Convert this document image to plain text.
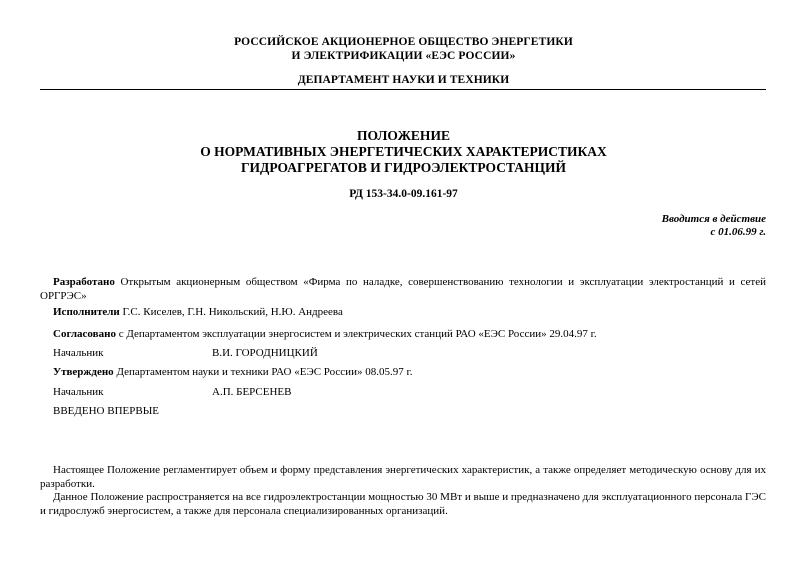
РОССИЙСКОЕ АКЦИОНЕРНОЕ ОБЩЕСТВО ЭНЕРГЕТИКИ
И ЭЛЕКТРИФИКАЦИИ «ЕЭС РОССИИ»
ДЕПАРТАМЕНТ НАУКИ И ТЕХНИКИ
ПОЛОЖЕНИЕ
О НОРМАТИВНЫХ ЭНЕРГЕТИЧЕСКИХ ХАРАКТЕРИСТИКАХ
ГИДРОАГРЕГАТОВ И ГИДРОЭЛЕКТРОСТАНЦИЙ
РД 153-34.0-09.161-97
Вводится в действие
с 01.06.99 г.
Разработано Открытым акционерным обществом «Фирма по наладке, совершенствованию технологии и эксплуатации электростанций и сетей ОРГРЭС»
Исполнители Г.С. Киселев, Г.Н. Никольский, Н.Ю. Андреева
Согласовано с Департаментом эксплуатации энергосистем и электрических станций РАО «ЕЭС России» 29.04.97 г.
Начальник	В.И. ГОРОДНИЦКИЙ
Утверждено Департаментом науки и техники РАО «ЕЭС России» 08.05.97 г.
Начальник	А.П. БЕРСЕНЕВ
ВВЕДЕНО ВПЕРВЫЕ
Настоящее Положение регламентирует объем и форму представления энергетических характеристик, а также определяет методическую основу для их разработки.
Данное Положение распространяется на все гидроэлектростанции мощностью 30 МВт и выше и предназначено для эксплуатационного персонала ГЭС и гидрослужб энергосистем, а также для персонала специализированных организаций.
